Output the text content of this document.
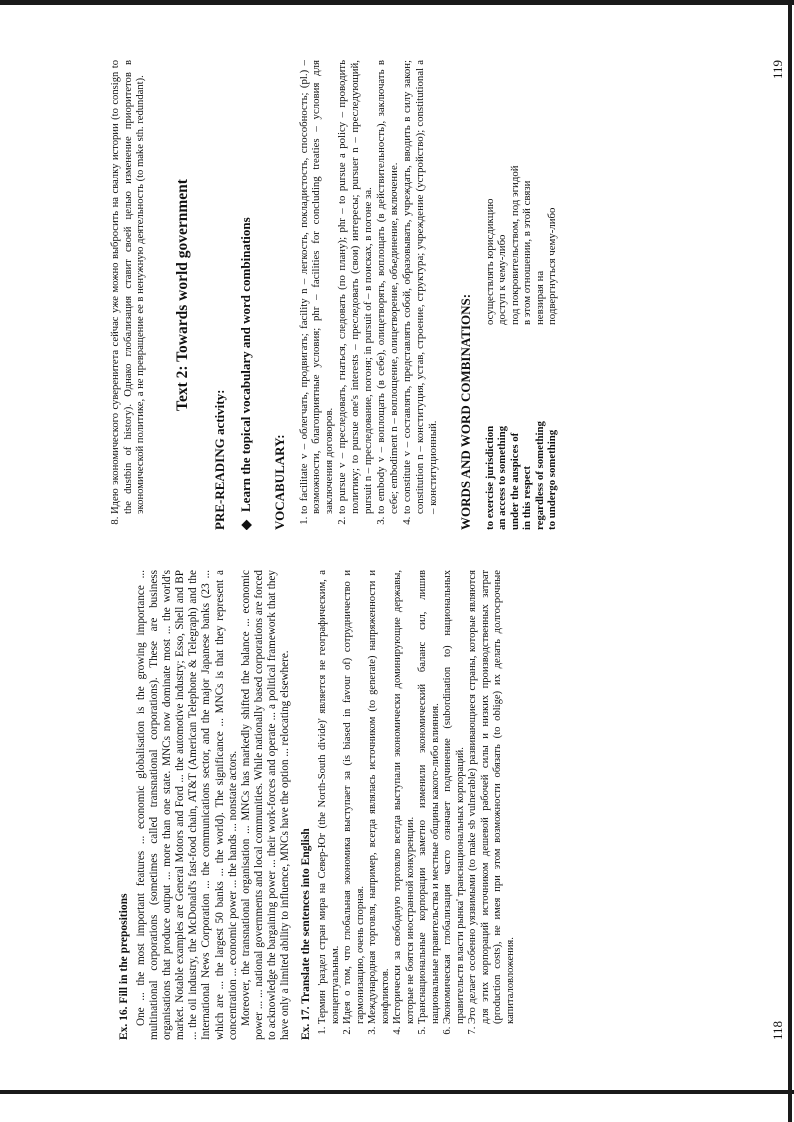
Ex. 16. Fill in the prepositions One ... the most important features ... economic globalisation is the growing importance ... multinational corporations (sometimes called transnational corporations). These are business organisations that produce output ... more than one state. MNCs now dominate most ... the world's market. Notable examples are General Motors and Ford ... the automotive industry; Esso, Shell and BP ... the oil industry, the McDonald's fast-food chain, AT&T (American Telephone & Telegraph) and the International News Corporation ... the communications sector, and the major Japanese banks (23 ... which are ... the largest 50 banks ... the world). The significance ... MNCs is that they represent a concentration ... economic power ... the hands ... nonstate actors. Moreover, the transnational organisation ... MNCs has markedly shifted the balance ... economic power ... ... national governments and local communities. While nationally based corporations are forced to acknowledge the bargaining power ... their work-forces and operate ... a political framework that they have only a limited ability to influence, MNCs have the option ... relocating elsewhere. Ex. 17. Translate the sentences into English 1. Термин 'раздел стран мира на Север-Юг (the North-South divide)' является не географическим, а концептуальным. 2. Идея о том, что глобальная экономика выступает за (is biased in favour of) сотрудничество и гармонизацию, очень спорная. 3. Международная торговля, например, всегда являлась источником (to generate) напряженности и конфликтов. 4. Исторически за свободную торговлю всегда выступали экономически доминирующие державы, которые не боятся иностранной конкуренции. 5. Транснациональные корпорации заметно изменили экономический баланс сил, лишив национальные правительства и местные общины какого-либо влияния. 6. Экономическая глобализация часто означает подчинение (subordination to) национальных правительств власти рынка' транснациональных корпораций. 7. Это делает особенно уязвимыми (to make sb vulnerable) развивающиеся страны, которые являются для этих корпораций источником дешевой рабочей силы и низких производственных затрат (production costs), не имея при этом возможности обязать (to oblige) их делать долгосрочные капиталовложения.
118
8. Идею экономического суверенитета сейчас уже можно выбросить на свалку истории (to consign to the dustbin of history). Однако глобализация ставит своей целью изменение приоритетов в экономической политике, а не превращение ее в ненужную деятельность (to make sth. redundant). Text 2: Towards world government

PRE-READING activity: ◆Learn the topical vocabulary and word combinations VOCABULARY: 1. to facilitate v – облегчать, продвигать; facility n – легкость, покладистость, способность; (pl.) – возможности, благоприятные условия; phr – facilities for concluding treaties – условия для заключения договоров. 2. to pursue v – преследовать, гнаться, следовать (по плану); phr – to pursue a policy – проводить политику; to pursue one's interests – преследовать (свои) интересы; pursuer n – преследующий, pursuit n – преследование, погоня; in pursuit of – в поисках, в погоне за. 3. to embody v – воплощать (в себе), олицетворять, воплощать (в действительность), заключать в себе; embodiment n – воплощение, олицетворение, объединение, включение. 4. to constitute v – составлять, представлять собой, образовывать, учреждать, вводить в силу закон; constitution n – конституция, устав, строение, структура; учреждение (устройство); constitutional a – конституционный. WORDS AND WORD COMBINATIONS: to exercise jurisdiction	осуществлять юрисдикцию
an access to something	доступ к чему-либо
under the auspices of	под покровительством, под эгидой
in this respect	в этом отношении, в этой связи
regardless of something	невзирая на
to undergo something	подвергнуться чему-либо
119
